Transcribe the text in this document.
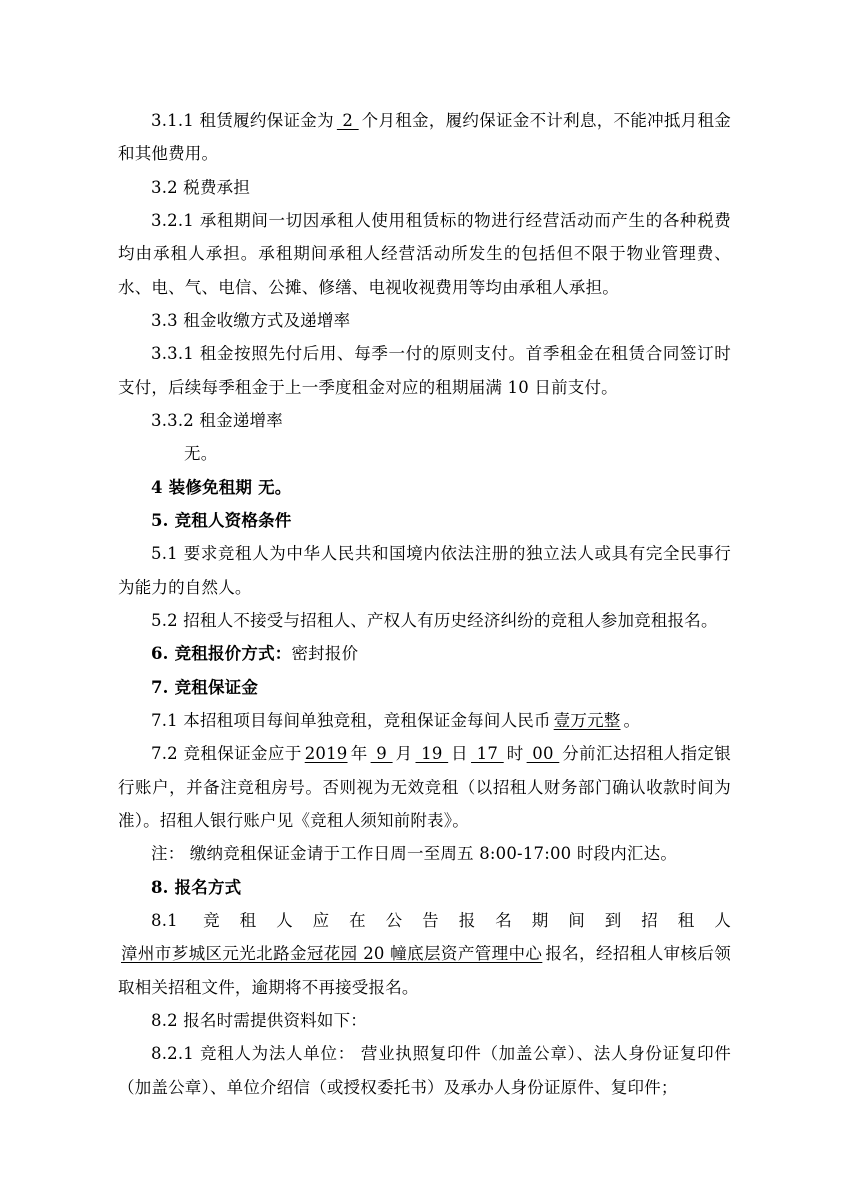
3.1.1 租赁履约保证金为 2 个月租金，履约保证金不计利息，不能冲抵月租金和其他费用。

3.2 税费承担

3.2.1 承租期间一切因承租人使用租赁标的物进行经营活动而产生的各种税费均由承租人承担。承租期间承租人经营活动所发生的包括但不限于物业管理费、水、电、气、电信、公摊、修缮、电视收视费用等均由承租人承担。

3.3 租金收缴方式及递增率

3.3.1 租金按照先付后用、每季一付的原则支付。首季租金在租赁合同签订时支付，后续每季租金于上一季度租金对应的租期届满 10 日前支付。

3.3.2 租金递增率

无。

4 装修免租期 无。

5. 竞租人资格条件

5.1 要求竞租人为中华人民共和国境内依法注册的独立法人或具有完全民事行为能力的自然人。

5.2 招租人不接受与招租人、产权人有历史经济纠纷的竞租人参加竞租报名。

6. 竞租报价方式：密封报价

7. 竞租保证金

7.1 本招租项目每间单独竞租，竞租保证金每间人民币 壹万元整 。

7.2 竞租保证金应于 2019 年 9 月 19 日 17 时 00 分前汇达招租人指定银行账户，并备注竞租房号。否则视为无效竞租（以招租人财务部门确认收款时间为准）。招租人银行账户见《竞租人须知前附表》。

注： 缴纳竞租保证金请于工作日周一至周五 8:00-17:00 时段内汇达。

8. 报名方式

8.1 竞租人应在公告报名期间到招租人漳州市芗城区元光北路金冠花园 20 幢底层资产管理中心 报名，经招租人审核后领取相关招租文件，逾期将不再接受报名。

8.2 报名时需提供资料如下：

8.2.1 竞租人为法人单位： 营业执照复印件（加盖公章）、法人身份证复印件（加盖公章）、单位介绍信（或授权委托书）及承办人身份证原件、复印件；
